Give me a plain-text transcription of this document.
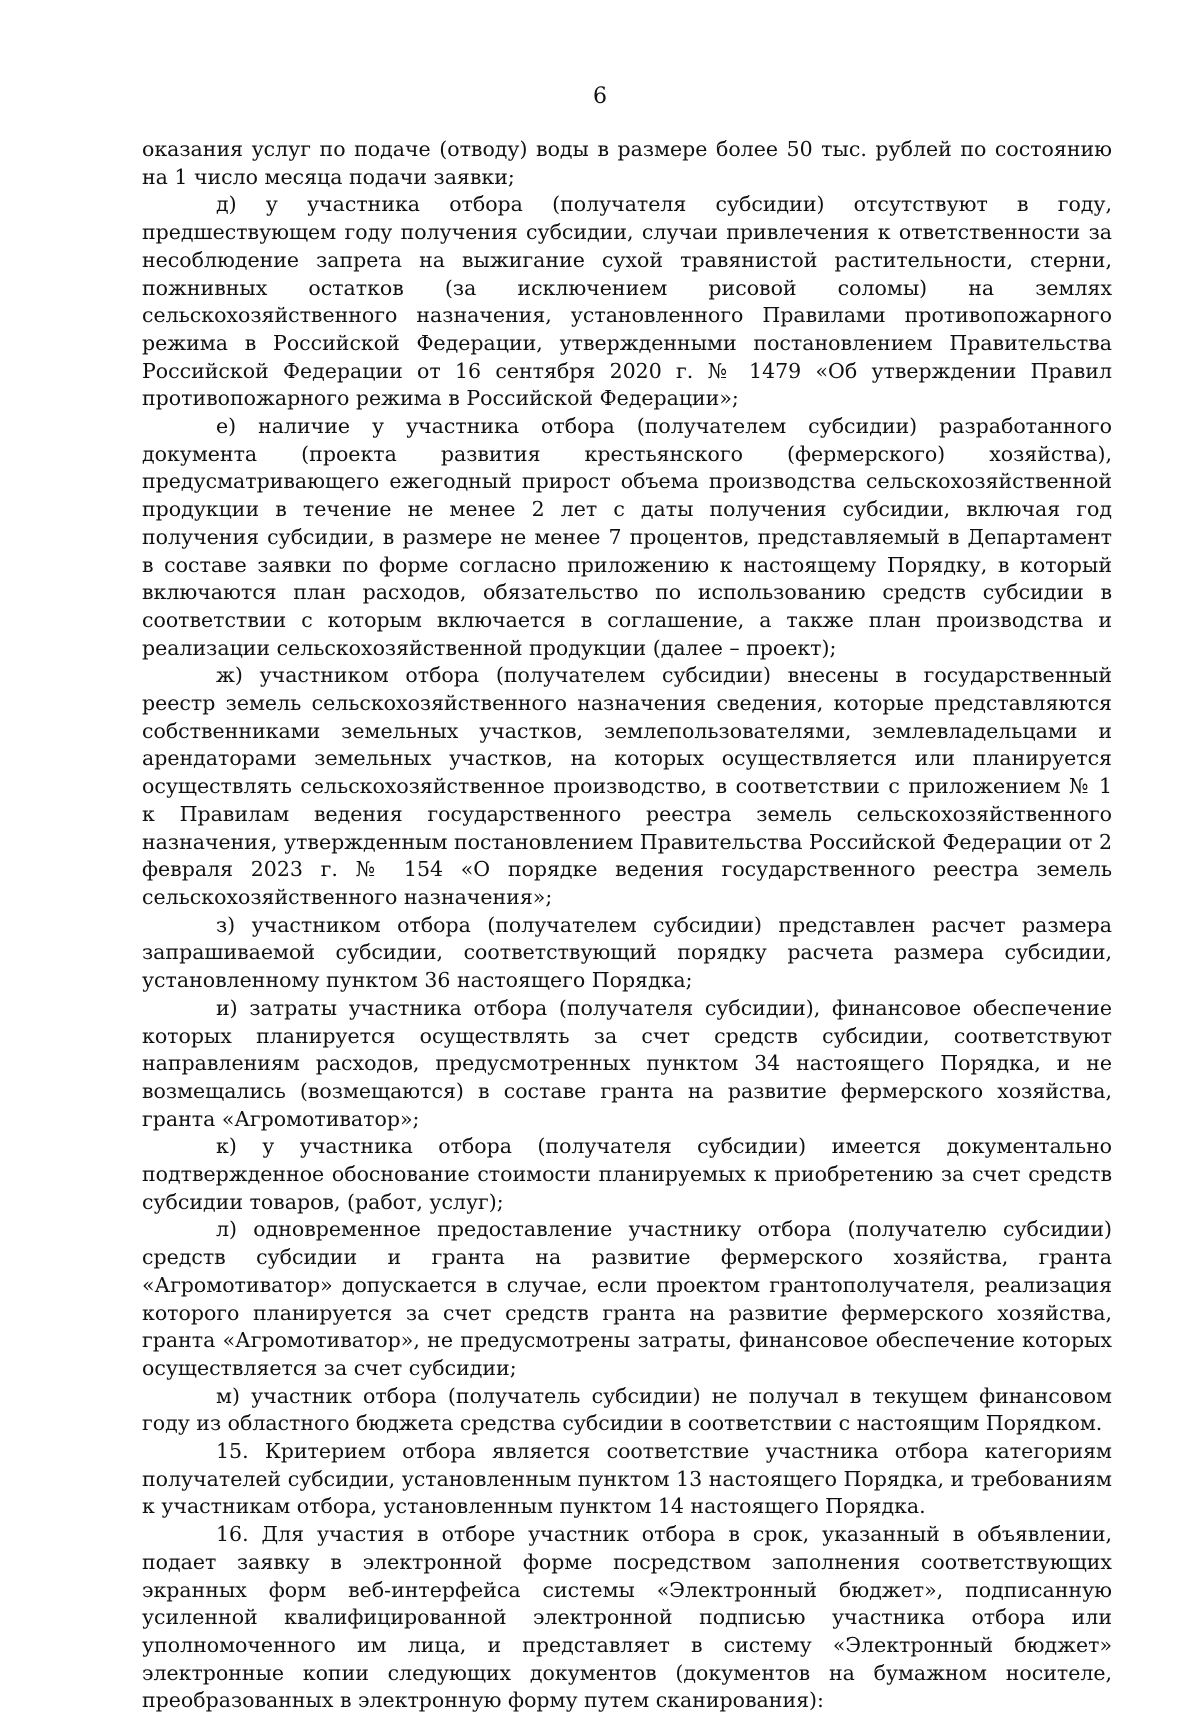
6

оказания услуг по подаче (отводу) воды в размере более 50 тыс. рублей по состоянию на 1 число месяца подачи заявки;

д) у участника отбора (получателя субсидии) отсутствуют в году, предшествующем году получения субсидии, случаи привлечения к ответственности за несоблюдение запрета на выжигание сухой травянистой растительности, стерни, пожнивных остатков (за исключением рисовой соломы) на землях сельскохозяйственного назначения, установленного Правилами противопожарного режима в Российской Федерации, утвержденными постановлением Правительства Российской Федерации от 16 сентября 2020 г. № 1479 «Об утверждении Правил противопожарного режима в Российской Федерации»;

е) наличие у участника отбора (получателем субсидии) разработанного документа (проекта развития крестьянского (фермерского) хозяйства), предусматривающего ежегодный прирост объема производства сельскохозяйственной продукции в течение не менее 2 лет с даты получения субсидии, включая год получения субсидии, в размере не менее 7 процентов, представляемый в Департамент в составе заявки по форме согласно приложению к настоящему Порядку, в который включаются план расходов, обязательство по использованию средств субсидии в соответствии с которым включается в соглашение, а также план производства и реализации сельскохозяйственной продукции (далее – проект);

ж) участником отбора (получателем субсидии) внесены в государственный реестр земель сельскохозяйственного назначения сведения, которые представляются собственниками земельных участков, землепользователями, землевладельцами и арендаторами земельных участков, на которых осуществляется или планируется осуществлять сельскохозяйственное производство, в соответствии с приложением № 1 к Правилам ведения государственного реестра земель сельскохозяйственного назначения, утвержденным постановлением Правительства Российской Федерации от 2 февраля 2023 г. № 154 «О порядке ведения государственного реестра земель сельскохозяйственного назначения»;

з) участником отбора (получателем субсидии) представлен расчет размера запрашиваемой субсидии, соответствующий порядку расчета размера субсидии, установленному пунктом 36 настоящего Порядка;

и) затраты участника отбора (получателя субсидии), финансовое обеспечение которых планируется осуществлять за счет средств субсидии, соответствуют направлениям расходов, предусмотренных пунктом 34 настоящего Порядка, и не возмещались (возмещаются) в составе гранта на развитие фермерского хозяйства, гранта «Агромотиватор»;

к) у участника отбора (получателя субсидии) имеется документально подтвержденное обоснование стоимости планируемых к приобретению за счет средств субсидии товаров, (работ, услуг);

л) одновременное предоставление участнику отбора (получателю субсидии) средств субсидии и гранта на развитие фермерского хозяйства, гранта «Агромотиватор» допускается в случае, если проектом грантополучателя, реализация которого планируется за счет средств гранта на развитие фермерского хозяйства, гранта «Агромотиватор», не предусмотрены затраты, финансовое обеспечение которых осуществляется за счет субсидии;

м) участник отбора (получатель субсидии) не получал в текущем финансовом году из областного бюджета средства субсидии в соответствии с настоящим Порядком.

15. Критерием отбора является соответствие участника отбора категориям получателей субсидии, установленным пунктом 13 настоящего Порядка, и требованиям к участникам отбора, установленным пунктом 14 настоящего Порядка.

16. Для участия в отборе участник отбора в срок, указанный в объявлении, подает заявку в электронной форме посредством заполнения соответствующих экранных форм веб-интерфейса системы «Электронный бюджет», подписанную усиленной квалифицированной электронной подписью участника отбора или уполномоченного им лица, и представляет в систему «Электронный бюджет» электронные копии следующих документов (документов на бумажном носителе, преобразованных в электронную форму путем сканирования):
